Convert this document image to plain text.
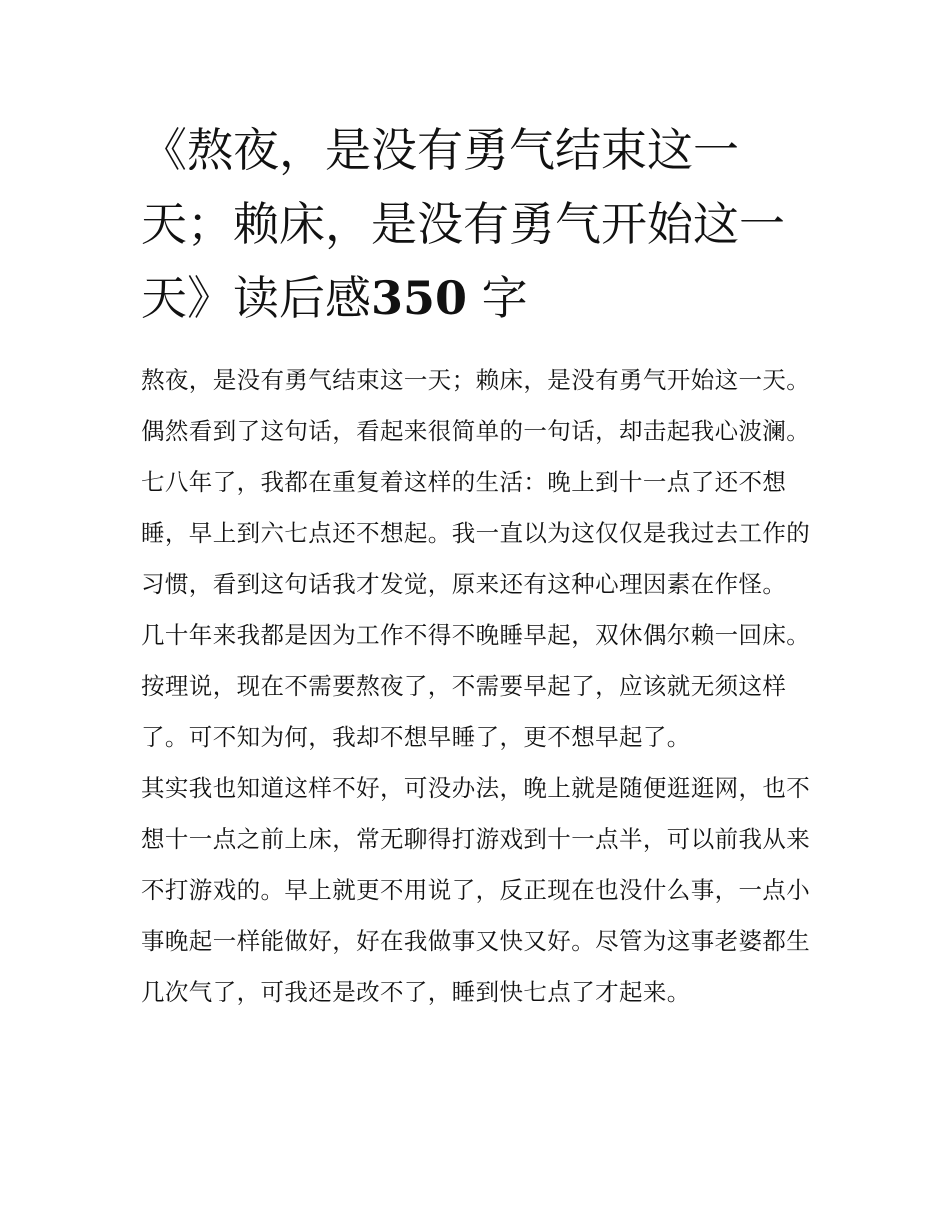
《熬夜，是没有勇气结束这一天；赖床，是没有勇气开始这一天》读后感350 字

熬夜，是没有勇气结束这一天；赖床，是没有勇气开始这一天。偶然看到了这句话，看起来很简单的一句话，却击起我心波澜。

七八年了，我都在重复着这样的生活：晚上到十一点了还不想睡，早上到六七点还不想起。我一直以为这仅仅是我过去工作的习惯，看到这句话我才发觉，原来还有这种心理因素在作怪。

几十年来我都是因为工作不得不晚睡早起，双休偶尔赖一回床。按理说，现在不需要熬夜了，不需要早起了，应该就无须这样了。可不知为何，我却不想早睡了，更不想早起了。

其实我也知道这样不好，可没办法，晚上就是随便逛逛网，也不想十一点之前上床，常无聊得打游戏到十一点半，可以前我从来不打游戏的。早上就更不用说了，反正现在也没什么事，一点小事晚起一样能做好，好在我做事又快又好。尽管为这事老婆都生几次气了，可我还是改不了，睡到快七点了才起来。
